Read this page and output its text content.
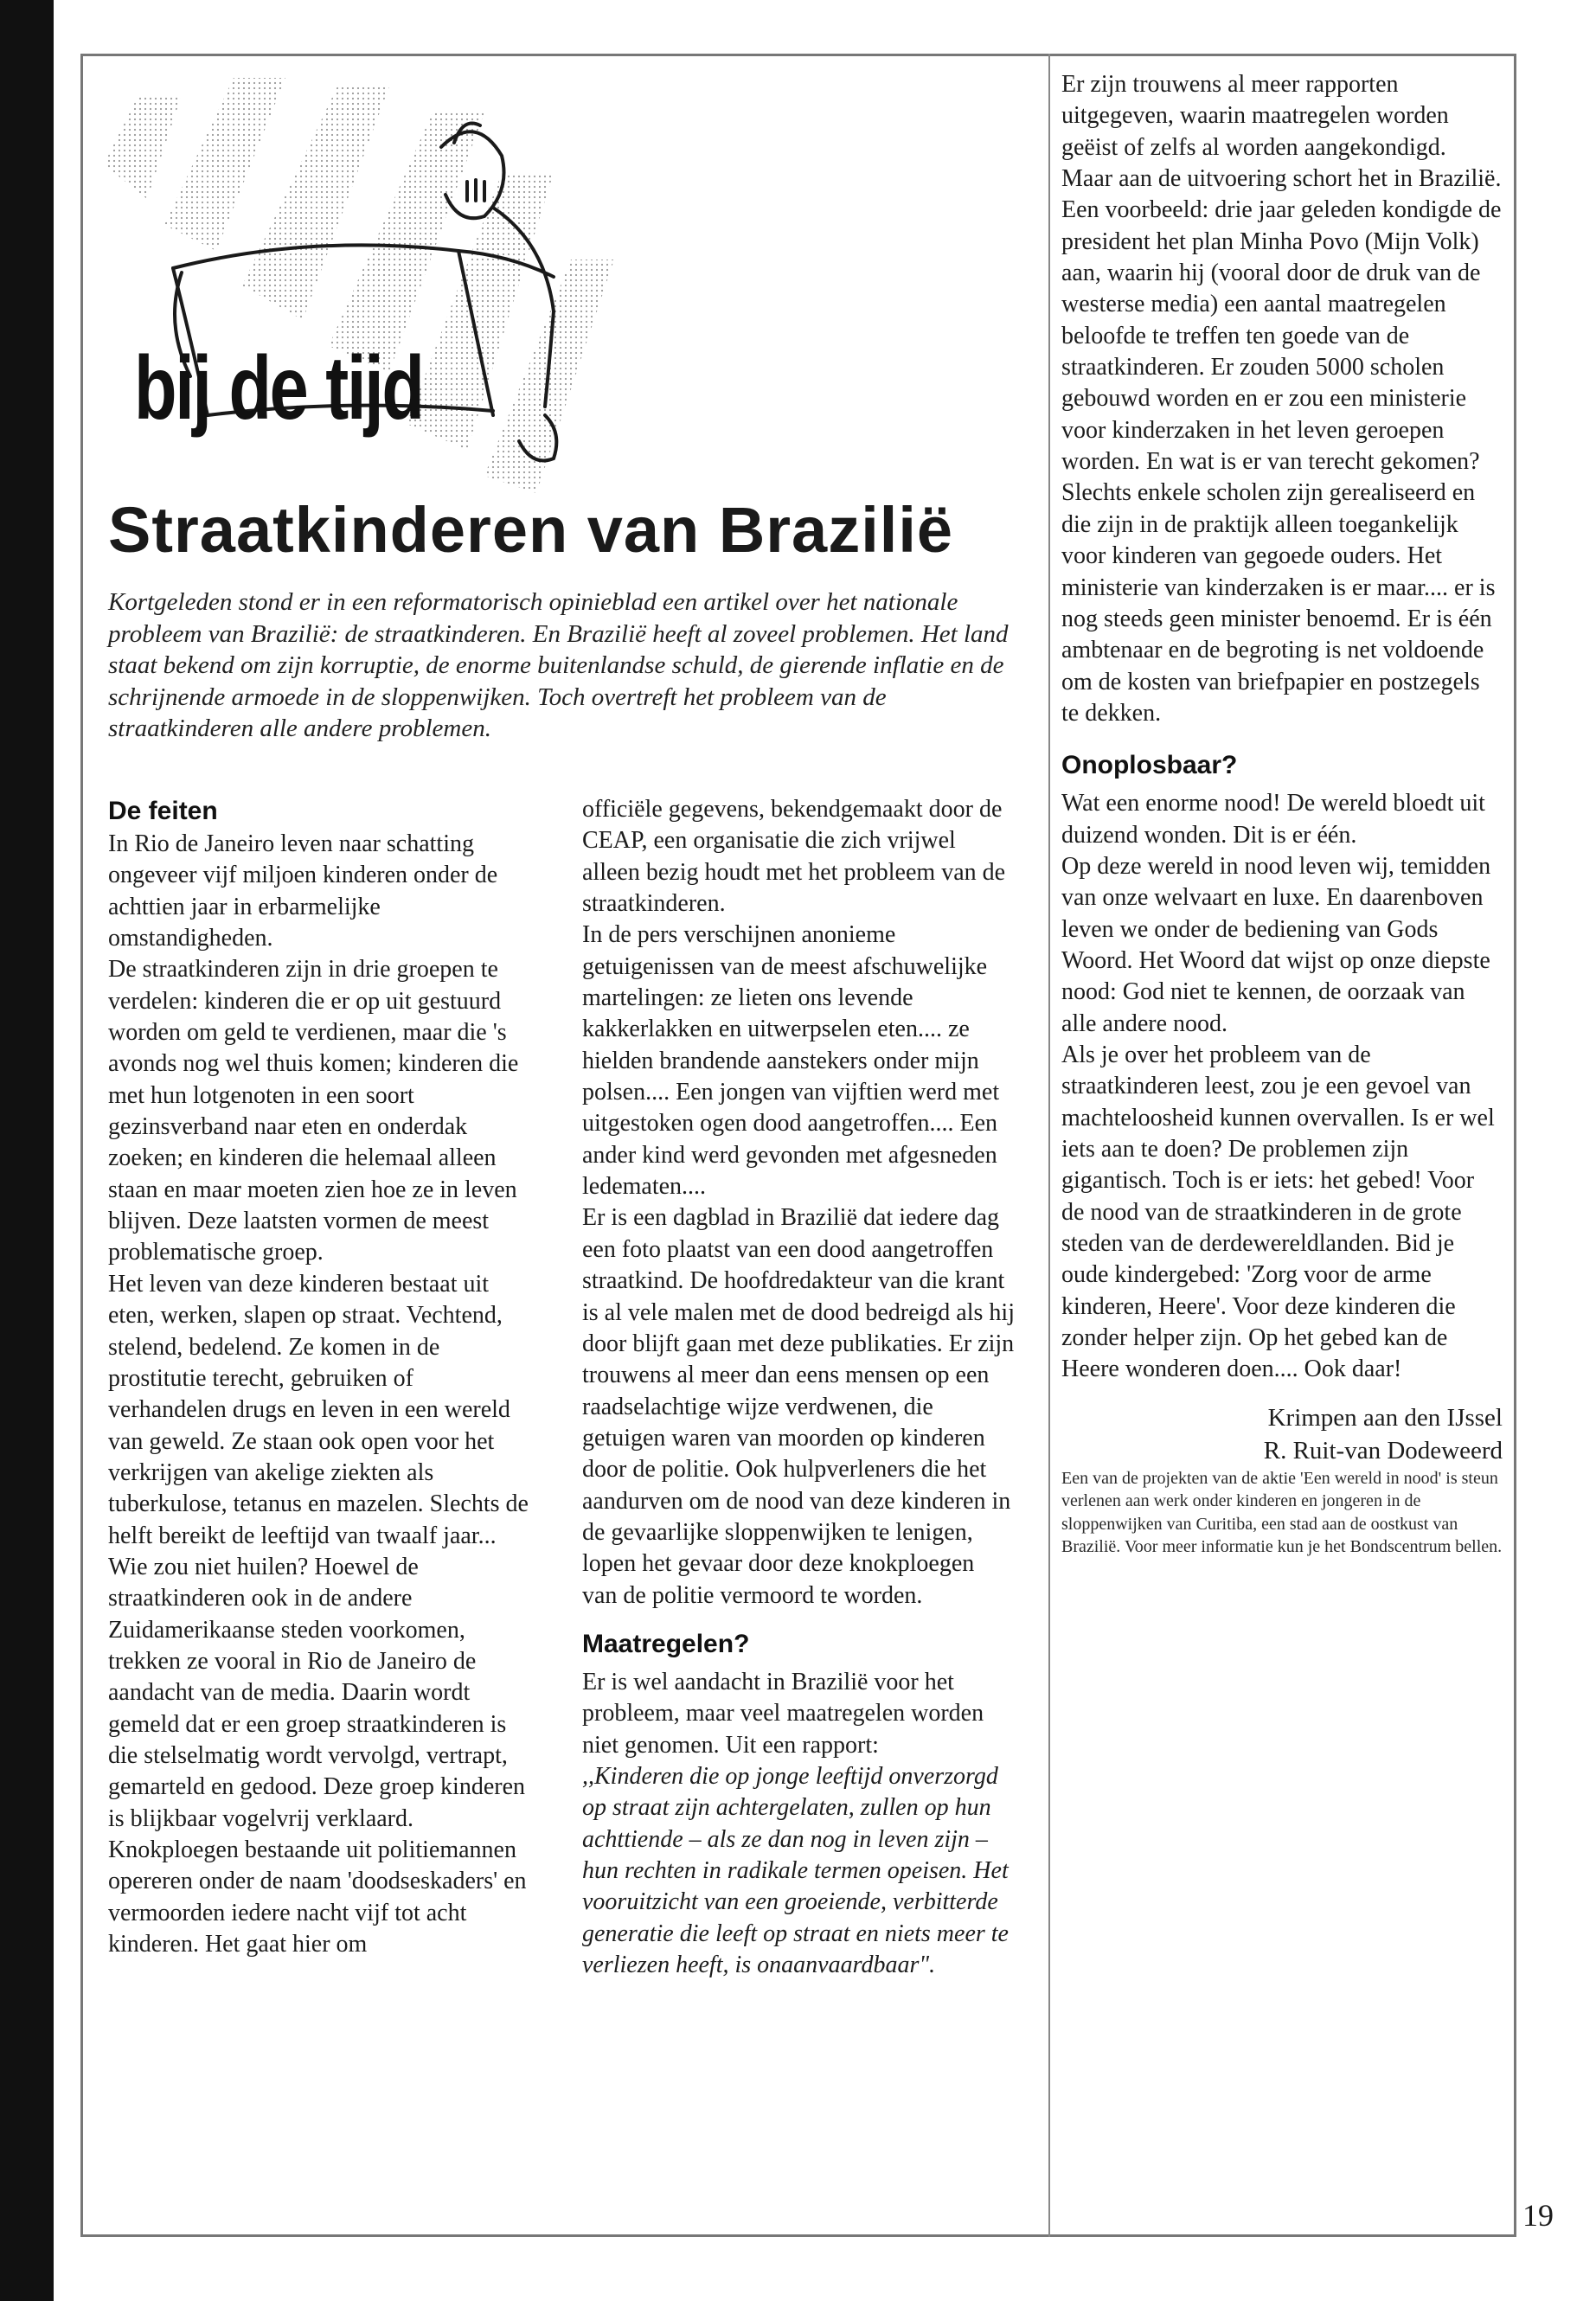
bij de tijd
Straatkinderen van Brazilië

Kortgeleden stond er in een reformatorisch opinieblad een artikel over het nationale probleem van Brazilië: de straatkinderen. En Brazilië heeft al zoveel problemen. Het land staat bekend om zijn korruptie, de enorme buitenlandse schuld, de gierende inflatie en de schrijnende armoede in de sloppenwijken. Toch overtreft het probleem van de straatkinderen alle andere problemen.

De feiten

In Rio de Janeiro leven naar schatting ongeveer vijf miljoen kinderen onder de achttien jaar in erbarmelijke omstandigheden.

De straatkinderen zijn in drie groepen te verdelen: kinderen die er op uit gestuurd worden om geld te verdienen, maar die 's avonds nog wel thuis komen; kinderen die met hun lotgenoten in een soort gezinsverband naar eten en onderdak zoeken; en kinderen die helemaal alleen staan en maar moeten zien hoe ze in leven blijven. Deze laatsten vormen de meest problematische groep.

Het leven van deze kinderen bestaat uit eten, werken, slapen op straat. Vechtend, stelend, bedelend. Ze komen in de prostitutie terecht, gebruiken of verhandelen drugs en leven in een wereld van geweld. Ze staan ook open voor het verkrijgen van akelige ziekten als tuberkulose, tetanus en mazelen. Slechts de helft bereikt de leeftijd van twaalf jaar... Wie zou niet huilen? Hoewel de straatkinderen ook in de andere Zuidamerikaanse steden voorkomen, trekken ze vooral in Rio de Janeiro de aandacht van de media. Daarin wordt gemeld dat er een groep straatkinderen is die stelselmatig wordt vervolgd, vertrapt, gemarteld en gedood. Deze groep kinderen is blijkbaar vogelvrij verklaard. Knokploegen bestaande uit politiemannen opereren onder de naam 'doodseskaders' en vermoorden iedere nacht vijf tot acht kinderen. Het gaat hier om

officiële gegevens, bekendgemaakt door de CEAP, een organisatie die zich vrijwel alleen bezig houdt met het probleem van de straatkinderen.

In de pers verschijnen anonieme getuigenissen van de meest afschuwelijke martelingen: ze lieten ons levende kakkerlakken en uitwerpselen eten.... ze hielden brandende aanstekers onder mijn polsen.... Een jongen van vijftien werd met uitgestoken ogen dood aangetroffen.... Een ander kind werd gevonden met afgesneden ledematen....

Er is een dagblad in Brazilië dat iedere dag een foto plaatst van een dood aangetroffen straatkind. De hoofdredakteur van die krant is al vele malen met de dood bedreigd als hij door blijft gaan met deze publikaties. Er zijn trouwens al meer dan eens mensen op een raadselachtige wijze verdwenen, die getuigen waren van moorden op kinderen door de politie. Ook hulpverleners die het aandurven om de nood van deze kinderen in de gevaarlijke sloppenwijken te lenigen, lopen het gevaar door deze knokploegen van de politie vermoord te worden.

Maatregelen?

Er is wel aandacht in Brazilië voor het probleem, maar veel maatregelen worden niet genomen. Uit een rapport:

,,Kinderen die op jonge leeftijd onverzorgd op straat zijn achtergelaten, zullen op hun achttiende – als ze dan nog in leven zijn – hun rechten in radikale termen opeisen. Het vooruitzicht van een groeiende, verbitterde generatie die leeft op straat en niets meer te verliezen heeft, is onaanvaardbaar".

Er zijn trouwens al meer rapporten uitgegeven, waarin maatregelen worden geëist of zelfs al worden aangekondigd. Maar aan de uitvoering schort het in Brazilië. Een voorbeeld: drie jaar geleden kondigde de president het plan Minha Povo (Mijn Volk) aan, waarin hij (vooral door de druk van de westerse media) een aantal maatregelen beloofde te treffen ten goede van de straatkinderen. Er zouden 5000 scholen gebouwd worden en er zou een ministerie voor kinderzaken in het leven geroepen worden. En wat is er van terecht gekomen? Slechts enkele scholen zijn gerealiseerd en die zijn in de praktijk alleen toegankelijk voor kinderen van gegoede ouders. Het ministerie van kinderzaken is er maar.... er is nog steeds geen minister benoemd. Er is één ambtenaar en de begroting is net voldoende om de kosten van briefpapier en postzegels te dekken.

Onoplosbaar?

Wat een enorme nood! De wereld bloedt uit duizend wonden. Dit is er één.

Op deze wereld in nood leven wij, temidden van onze welvaart en luxe. En daarenboven leven we onder de bediening van Gods Woord. Het Woord dat wijst op onze diepste nood: God niet te kennen, de oorzaak van alle andere nood.

Als je over het probleem van de straatkinderen leest, zou je een gevoel van machteloosheid kunnen overvallen. Is er wel iets aan te doen? De problemen zijn gigantisch. Toch is er iets: het gebed! Voor de nood van de straatkinderen in de grote steden van de derdewereldlanden. Bid je oude kindergebed: 'Zorg voor de arme kinderen, Heere'. Voor deze kinderen die zonder helper zijn. Op het gebed kan de Heere wonderen doen.... Ook daar!

Krimpen aan den IJssel

R. Ruit-van Dodeweerd

Een van de projekten van de aktie 'Een wereld in nood' is steun verlenen aan werk onder kinderen en jongeren in de sloppenwijken van Curitiba, een stad aan de oostkust van Brazilië. Voor meer informatie kun je het Bondscentrum bellen.

19
